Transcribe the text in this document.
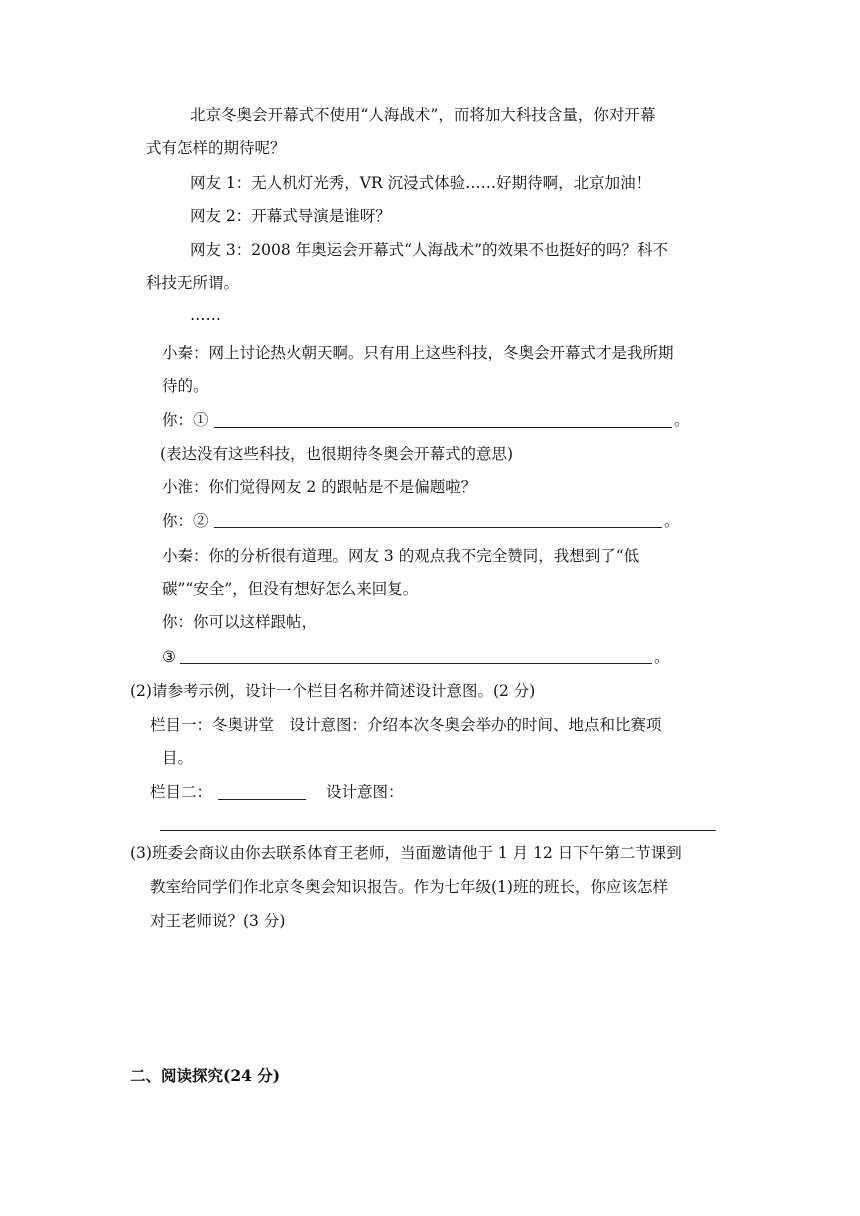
北京冬奥会开幕式不使用“人海战术”，而将加大科技含量，你对开幕
式有怎样的期待呢？
网友 1：无人机灯光秀，VR 沉浸式体验……好期待啊，北京加油！
网友 2：开幕式导演是谁呀？
网友 3：2008 年奥运会开幕式“人海战术”的效果不也挺好的吗？科不
科技无所谓。
……
小秦：网上讨论热火朝天啊。只有用上这些科技，冬奥会开幕式才是我所期
待的。
你：①	。
(表达没有这些科技，也很期待冬奥会开幕式的意思)
小淮：你们觉得网友 2 的跟帖是不是偏题啦？
你：②	。
小秦：你的分析很有道理。网友 3 的观点我不完全赞同，我想到了“低
碳”“安全”，但没有想好怎么来回复。
你：你可以这样跟帖，
③	。
(2)请参考示例，设计一个栏目名称并简述设计意图。(2 分)
栏目一：冬奥讲堂　设计意图：介绍本次冬奥会举办的时间、地点和比赛项
目。
栏目二：	设计意图：
(3)班委会商议由你去联系体育王老师，当面邀请他于 1 月 12 日下午第二节课到
教室给同学们作北京冬奥会知识报告。作为七年级(1)班的班长，你应该怎样
对王老师说？(3 分)
二、阅读探究(24 分)
